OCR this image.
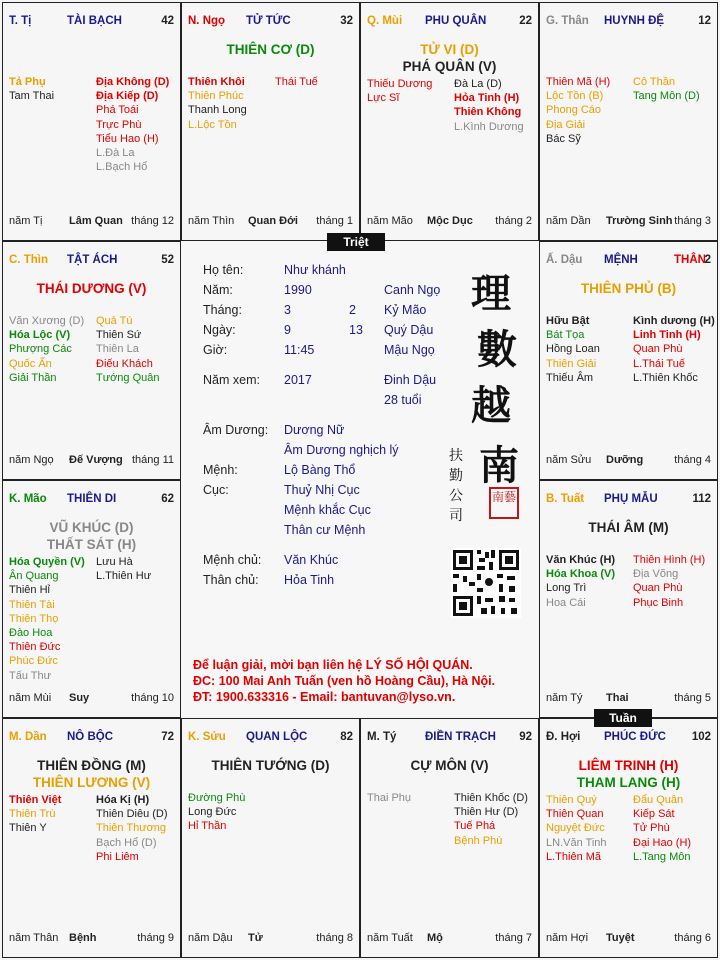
T. Tị	TÀI BẠCH	42
Tả Phụ
Tam Thai
Địa Không (D)
Địa Kiếp (D)
Phá Toái
Trực Phù
Tiểu Hao (H)
L.Đà La
L.Bạch Hổ
năm Tị Lâm Quan tháng 12
N. Ngọ TỬ TỨC	32
THIÊN CƠ (D)
Thiên Khôi
Thiên Phúc
Thanh Long
L.Lộc Tồn
Thái Tuế
năm Thìn Quan Đới tháng 1
Q. Mùi PHU QUÂN	22
TỬ VI (D)
PHÁ QUÂN (V)
Thiếu Dương
Lực Sĩ
Đà La (D)
Hỏa Tinh (H)
Thiên Không
L.Kình Dương
năm Mão Mộc Dục tháng 2
G. Thân HUYNH ĐỆ	12
Thiên Mã (H)
Lộc Tồn (B)
Phong Cáo
Địa Giải
Bác Sỹ
Cô Thần
Tang Môn (D)
năm Dần Trường Sinh tháng 3
C. Thìn TẬT ÁCH	52
THÁI DƯƠNG (V)
Văn Xương (D)
Hóa Lộc (V)
Phượng Các
Quốc Ấn
Giải Thần
Quả Tú
Thiên Sứ
Thiên La
Điếu Khách
Tướng Quân
năm Ngọ Đế Vượng tháng 11
Ấ. Dậu MỆNH	THÂN
2
THIÊN PHỦ (B)
Hữu Bật
Bát Tọa
Hồng Loan
Thiên Giải
Thiếu Âm
Kình dương (H)
Linh Tinh (H)
Quan Phù
L.Thái Tuế
L.Thiên Khốc
năm Sửu Dưỡng	tháng 4
K. Mão THIÊN DI	62
VŨ KHÚC (D)
THẤT SÁT (H)
Hóa Quyền (V)
Ân Quang
Thiên Hỉ
Thiên Tài
Thiên Thọ
Đào Hoa
Thiên Đức
Phúc Đức
Tấu Thư
Lưu Hà
L.Thiên Hư
năm Mùi Suy	tháng 10
B. Tuất PHỤ MẪU	112
THÁI ÂM (M)
Văn Khúc (H)
Hóa Khoa (V)
Long Trì
Hoa Cái
Thiên Hình (H)
Địa Võng
Quan Phù
Phục Binh
năm Tý Thai	tháng 5
M. Dần NÔ BỘC	72
THIÊN ĐỒNG (M)
THIÊN LƯƠNG (V)
Thiên Việt
Thiên Trù
Thiên Y
Hóa Kị (H)
Thiên Diêu (D)
Thiên Thương
Bạch Hổ (D)
Phi Liêm
năm Thân Bệnh	tháng 9
K. Sửu QUAN LỘC	82
THIÊN TƯỚNG (D)
Đường Phù
Long Đức
Hỉ Thần
năm Dậu Tử	tháng 8
M. Tý ĐIỀN TRẠCH 92
CỰ MÔN (V)
Thai Phụ	Thiên Khốc (D)
Thiên Hư (D)
Tuế Phá
Bệnh Phù
năm Tuất Mộ	tháng 7
Đ. Hợi PHÚC ĐỨC 102
LIÊM TRINH (H)
THAM LANG (H)
Thiên Quý
Thiên Quan
Nguyệt Đức
LN.Văn Tinh
L.Thiên Mã
Đẩu Quân
Kiếp Sát
Tử Phù
Đại Hao (H)
L.Tang Môn
năm Hợi Tuyệt	tháng 6
Họ tên:	Như khánh
Năm:	1990	Canh Ngọ
Tháng:	3	2 Kỷ Mão
Ngày:	9	13 Quý Dậu
Giờ:	11:45	Mậu Ngọ
Năm xem: 2017	Đinh Dậu
28 tuổi
Âm Dương: Dương Nữ
Âm Dương nghịch lý
Mệnh:	Lộ Bàng Thổ
Cục:	Thuỷ Nhị Cục
Mệnh khắc Cục
Thân cư Mệnh
Mệnh chủ: Văn Khúc
Thân chủ: Hỏa Tinh
理
數
越
南
扶
勤
公
司
南藝
Để luận giải, mời bạn liên hệ LÝ SỐ HỘI QUÁN.
ĐC: 100 Mai Anh Tuấn (ven hồ Hoàng Cầu), Hà Nội.
ĐT: 1900.633316 - Email: bantuvan@lyso.vn.
Triệt
Tuần
